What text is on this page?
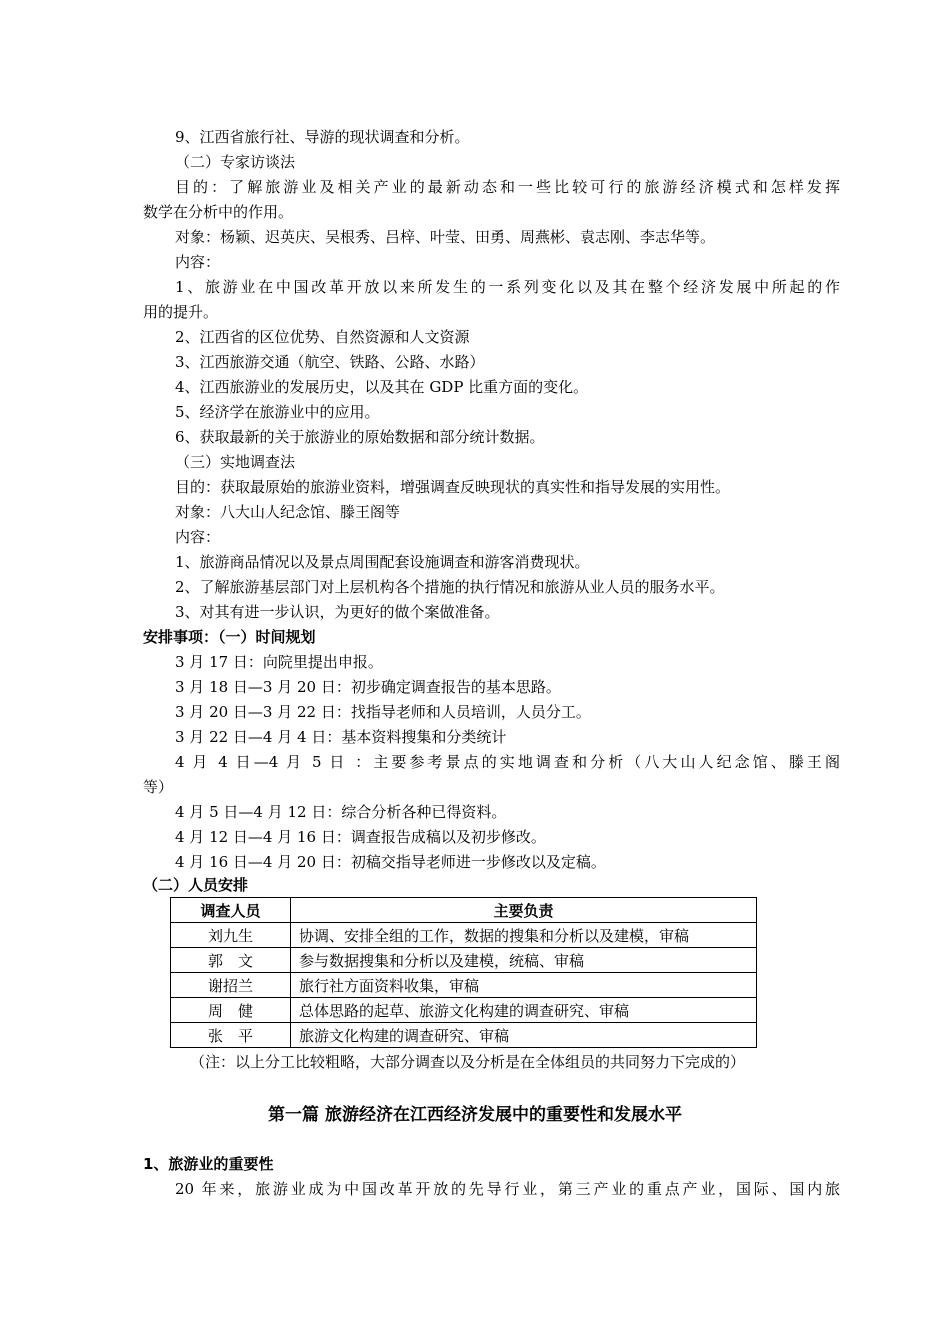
9、江西省旅行社、导游的现状调查和分析。
（二）专家访谈法
目的：了解旅游业及相关产业的最新动态和一些比较可行的旅游经济模式和怎样发挥
数学在分析中的作用。
对象：杨颖、迟英庆、吴根秀、吕梓、叶莹、田勇、周燕彬、袁志刚、李志华等。
内容：
1、旅游业在中国改革开放以来所发生的一系列变化以及其在整个经济发展中所起的作
用的提升。
2、江西省的区位优势、自然资源和人文资源
3、江西旅游交通（航空、铁路、公路、水路）
4、江西旅游业的发展历史，以及其在 GDP 比重方面的变化。
5、经济学在旅游业中的应用。
6、获取最新的关于旅游业的原始数据和部分统计数据。
（三）实地调查法
目的：获取最原始的旅游业资料，增强调查反映现状的真实性和指导发展的实用性。
对象：八大山人纪念馆、滕王阁等
内容：
1、旅游商品情况以及景点周围配套设施调查和游客消费现状。
2、了解旅游基层部门对上层机构各个措施的执行情况和旅游从业人员的服务水平。
3、对其有进一步认识，为更好的做个案做准备。
安排事项：（一）时间规划
3 月 17 日：向院里提出申报。
3 月 18 日—3 月 20 日：初步确定调查报告的基本思路。
3 月 20 日—3 月 22 日：找指导老师和人员培训，人员分工。
3 月 22 日—4 月 4 日：基本资料搜集和分类统计
4 月 4 日—4 月 5 日 ：主要参考景点的实地调查和分析（八大山人纪念馆、滕王阁
等）
4 月 5 日—4 月 12 日：综合分析各种已得资料。
4 月 12 日—4 月 16 日：调查报告成稿以及初步修改。
4 月 16 日—4 月 20 日：初稿交指导老师进一步修改以及定稿。
（二）人员安排
调查人员	主要负责
刘九生	协调、安排全组的工作，数据的搜集和分析以及建模，审稿
郭　文	参与数据搜集和分析以及建模，统稿、审稿
谢招兰	旅行社方面资料收集，审稿
周　健	总体思路的起草、旅游文化构建的调查研究、审稿
张　平	旅游文化构建的调查研究、审稿
（注：以上分工比较粗略，大部分调查以及分析是在全体组员的共同努力下完成的）
第一篇 旅游经济在江西经济发展中的重要性和发展水平
1、旅游业的重要性
20 年来，旅游业成为中国改革开放的先导行业，第三产业的重点产业，国际、国内旅
